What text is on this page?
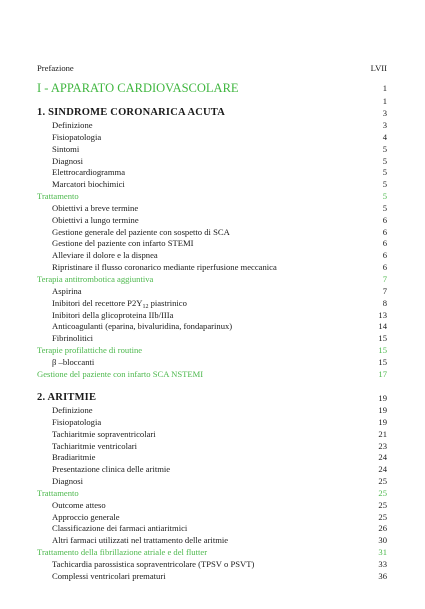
Prefazione	LVII
I - APPARATO CARDIOVASCOLARE	1
1
1. SINDROME CORONARICA ACUTA	3
Definizione	3
Fisiopatologia	4
Sintomi	5
Diagnosi	5
Elettrocardiogramma	5
Marcatori biochimici	5
Trattamento	5
Obiettivi a breve termine	5
Obiettivi a lungo termine	6
Gestione generale del paziente con sospetto di SCA	6
Gestione del paziente con infarto STEMI	6
Alleviare il dolore e la dispnea	6
Ripristinare il flusso coronarico mediante riperfusione meccanica	6
Terapia antitrombotica aggiuntiva	7
Aspirina	7
Inibitori del recettore $P2Y_{12}$ piastrinico	8
Inibitori della glicoproteina IIb/IIIa	13
Anticoagulanti (eparina, bivaluridina, fondaparinux)	14
Fibrinolitici	15
Terapie profilattiche di routine	15
β –bloccanti	15
Gestione del paziente con infarto SCA NSTEMI	17
2. ARITMIE	19
Definizione	19
Fisiopatologia	19
Tachiaritmie sopraventricolari	21
Tachiaritmie ventricolari	23
Bradiaritmie	24
Presentazione clinica delle aritmie	24
Diagnosi	25
Trattamento	25
Outcome atteso	25
Approccio generale	25
Classificazione dei farmaci antiaritmici	26
Altri farmaci utilizzati nel trattamento delle aritmie	30
Trattamento della fibrillazione atriale e del flutter	31
Tachicardia parossistica sopraventricolare (TPSV o PSVT)	33
Complessi ventricolari prematuri	36
